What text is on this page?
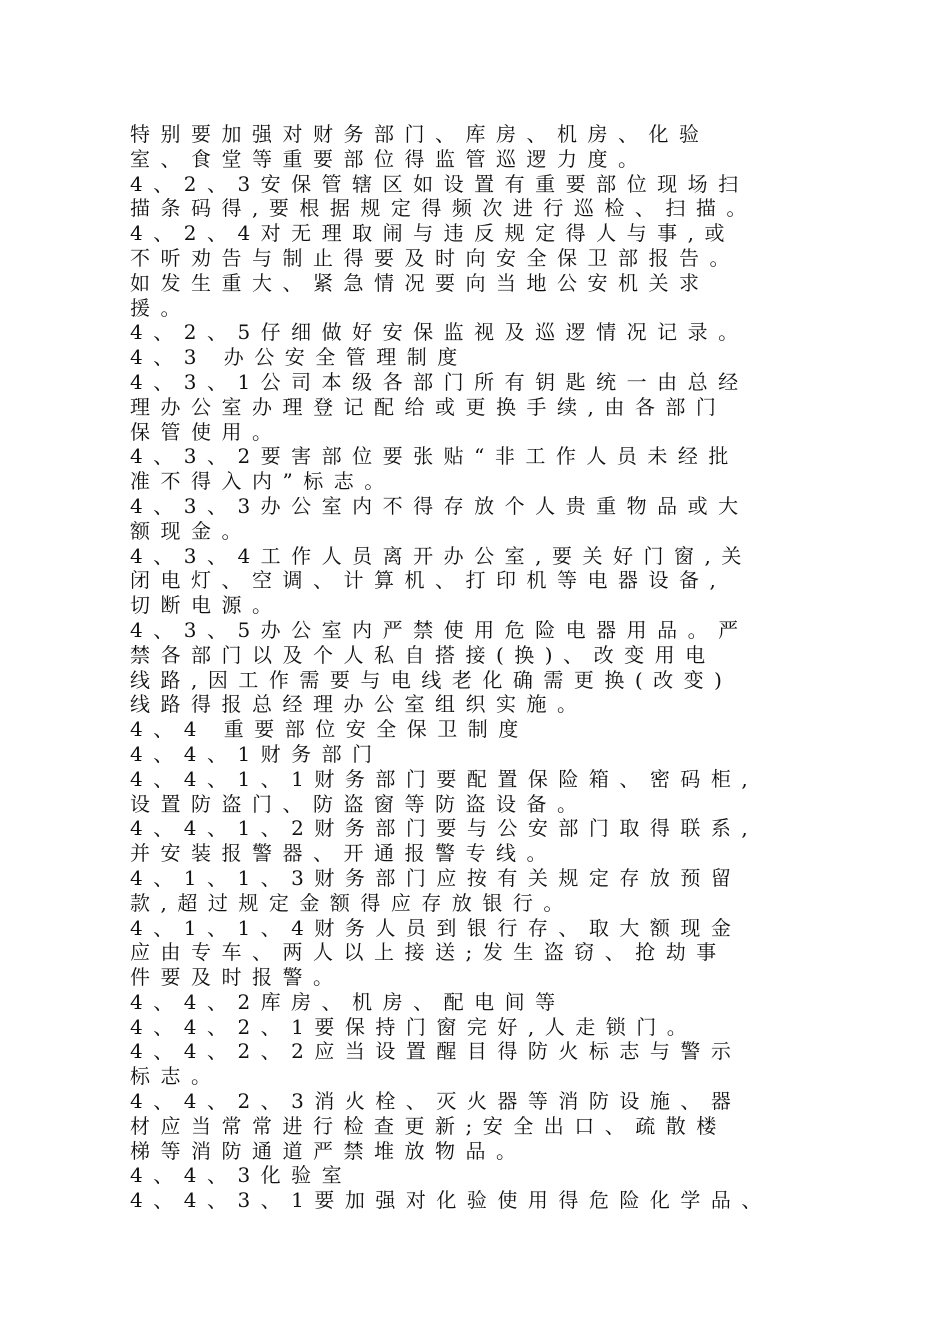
特别要加强对财务部门、库房、机房、化验
室、食堂等重要部位得监管巡逻力度。
4、2、3安保管辖区如设置有重要部位现场扫
描条码得,要根据规定得频次进行巡检、扫描。
4、2、4对无理取闹与违反规定得人与事,或
不听劝告与制止得要及时向安全保卫部报告。
如发生重大、紧急情况要向当地公安机关求
援。
4、2、5仔细做好安保监视及巡逻情况记录。
4、3 办公安全管理制度
4、3、1公司本级各部门所有钥匙统一由总经
理办公室办理登记配给或更换手续,由各部门
保管使用。
4、3、2要害部位要张贴“非工作人员未经批
准不得入内”标志。
4、3、3办公室内不得存放个人贵重物品或大
额现金。
4、3、4工作人员离开办公室,要关好门窗,关
闭电灯、空调、计算机、打印机等电器设备,
切断电源。
4、3、5办公室内严禁使用危险电器用品。严
禁各部门以及个人私自搭接(换)、改变用电
线路,因工作需要与电线老化确需更换(改变)
线路得报总经理办公室组织实施。
4、4 重要部位安全保卫制度
4、4、1财务部门
4、4、1、1财务部门要配置保险箱、密码柜,
设置防盗门、防盗窗等防盗设备。
4、4、1、2财务部门要与公安部门取得联系,
并安装报警器、开通报警专线。
4、1、1、3财务部门应按有关规定存放预留
款,超过规定金额得应存放银行。
4、1、1、4财务人员到银行存、取大额现金
应由专车、两人以上接送;发生盗窃、抢劫事
件要及时报警。
4、4、2库房、机房、配电间等
4、4、2、1要保持门窗完好,人走锁门。
4、4、2、2应当设置醒目得防火标志与警示
标志。
4、4、2、3消火栓、灭火器等消防设施、器
材应当常常进行检查更新;安全出口、疏散楼
梯等消防通道严禁堆放物品。
4、4、3化验室
4、4、3、1要加强对化验使用得危险化学品、
